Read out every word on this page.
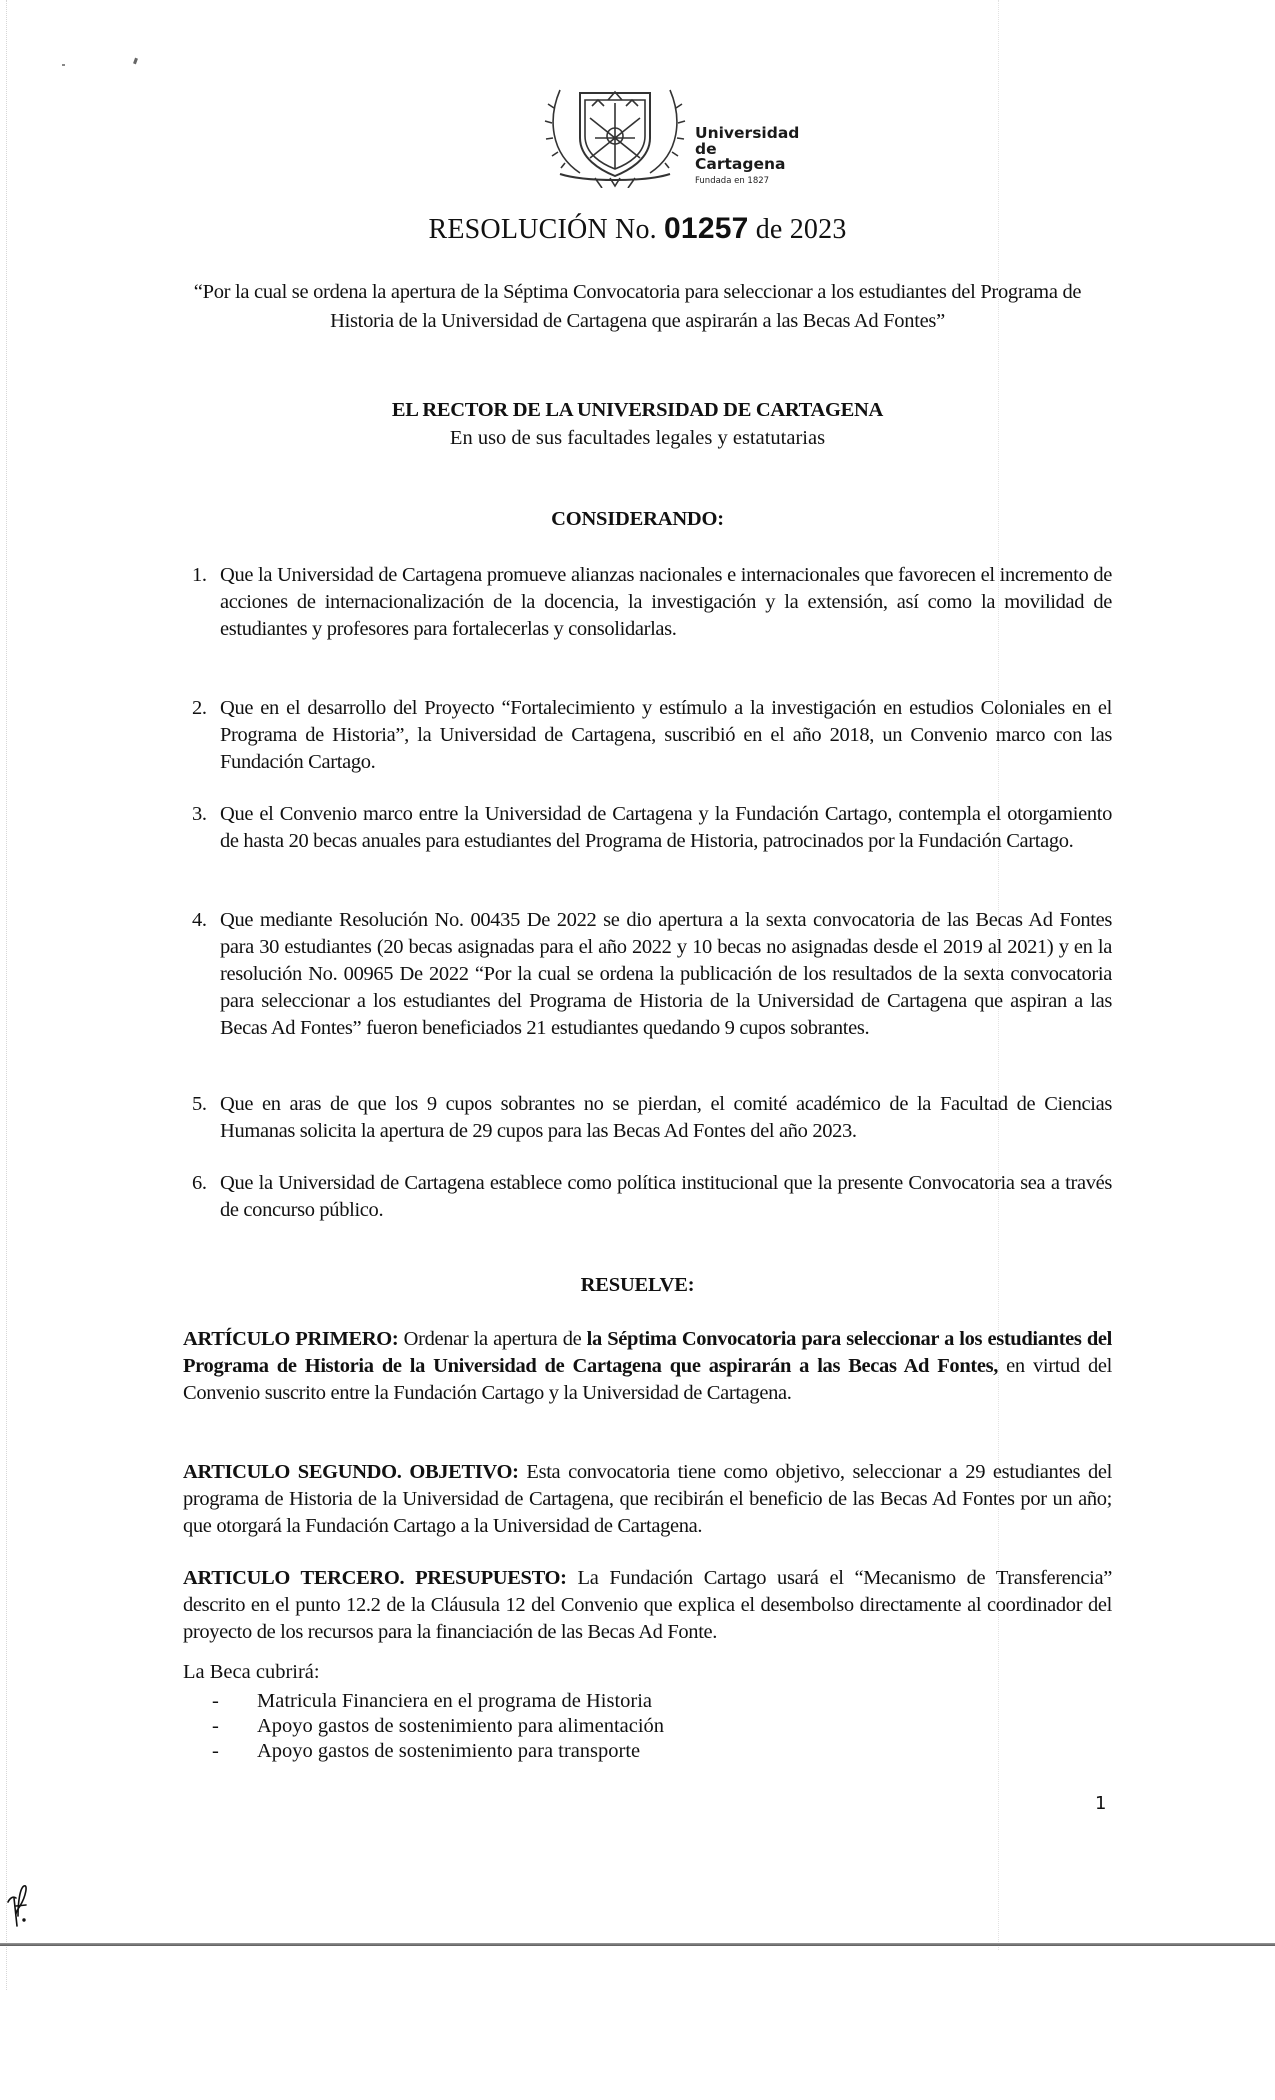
Universidad
de Cartagena
Fundada en 1827
RESOLUCIÓN No. 01257 de 2023
“Por la cual se ordena la apertura de la Séptima Convocatoria para seleccionar a los estudiantes del Programa de Historia de la Universidad de Cartagena que aspirarán a las Becas Ad Fontes”
EL RECTOR DE LA UNIVERSIDAD DE CARTAGENA
En uso de sus facultades legales y estatutarias
CONSIDERANDO:
1. Que la Universidad de Cartagena promueve alianzas nacionales e internacionales que favorecen el incremento de acciones de internacionalización de la docencia, la investigación y la extensión, así como la movilidad de estudiantes y profesores para fortalecerlas y consolidarlas.
2. Que en el desarrollo del Proyecto “Fortalecimiento y estímulo a la investigación en estudios Coloniales en el Programa de Historia”, la Universidad de Cartagena, suscribió en el año 2018, un Convenio marco con las Fundación Cartago.
3. Que el Convenio marco entre la Universidad de Cartagena y la Fundación Cartago, contempla el otorgamiento de hasta 20 becas anuales para estudiantes del Programa de Historia, patrocinados por la Fundación Cartago.
4. Que mediante Resolución No. 00435 De 2022 se dio apertura a la sexta convocatoria de las Becas Ad Fontes para 30 estudiantes (20 becas asignadas para el año 2022 y 10 becas no asignadas desde el 2019 al 2021) y en la resolución No. 00965 De 2022 “Por la cual se ordena la publicación de los resultados de la sexta convocatoria para seleccionar a los estudiantes del Programa de Historia de la Universidad de Cartagena que aspiran a las Becas Ad Fontes” fueron beneficiados 21 estudiantes quedando 9 cupos sobrantes.
5. Que en aras de que los 9 cupos sobrantes no se pierdan, el comité académico de la Facultad de Ciencias Humanas solicita la apertura de 29 cupos para las Becas Ad Fontes del año 2023.
6. Que la Universidad de Cartagena establece como política institucional que la presente Convocatoria sea a través de concurso público.
RESUELVE:
ARTÍCULO PRIMERO: Ordenar la apertura de la Séptima Convocatoria para seleccionar a los estudiantes del Programa de Historia de la Universidad de Cartagena que aspirarán a las Becas Ad Fontes, en virtud del Convenio suscrito entre la Fundación Cartago y la Universidad de Cartagena.
ARTICULO SEGUNDO. OBJETIVO: Esta convocatoria tiene como objetivo, seleccionar a 29 estudiantes del programa de Historia de la Universidad de Cartagena, que recibirán el beneficio de las Becas Ad Fontes por un año; que otorgará la Fundación Cartago a la Universidad de Cartagena.
ARTICULO TERCERO. PRESUPUESTO: La Fundación Cartago usará el “Mecanismo de Transferencia” descrito en el punto 12.2 de la Cláusula 12 del Convenio que explica el desembolso directamente al coordinador del proyecto de los recursos para la financiación de las Becas Ad Fonte.
La Beca cubrirá:
- Matricula Financiera en el programa de Historia
- Apoyo gastos de sostenimiento para alimentación
- Apoyo gastos de sostenimiento para transporte
1
